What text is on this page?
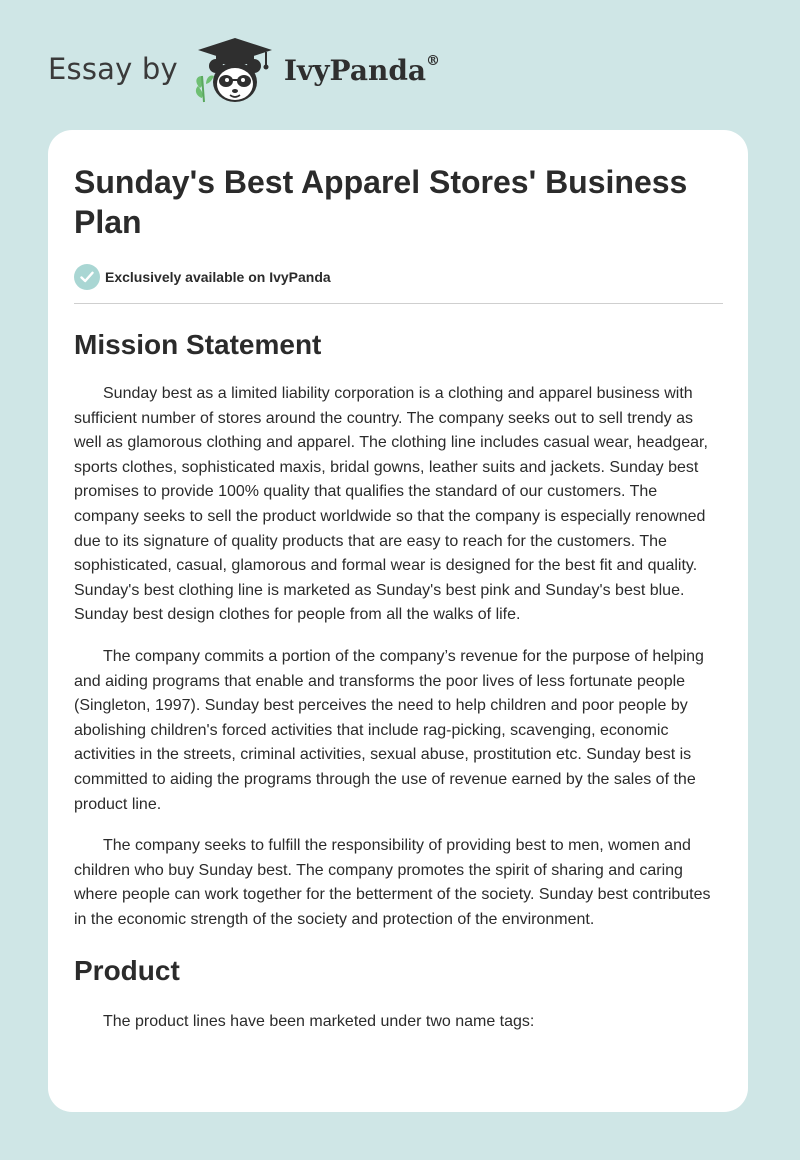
Essay by	IvyPanda®
Sunday's Best Apparel Stores' Business Plan
Exclusively available on IvyPanda
Mission Statement

Sunday best as a limited liability corporation is a clothing and apparel business with sufficient number of stores around the country. The company seeks out to sell trendy as well as glamorous clothing and apparel. The clothing line includes casual wear, headgear, sports clothes, sophisticated maxis, bridal gowns, leather suits and jackets. Sunday best promises to provide 100% quality that qualifies the standard of our customers. The company seeks to sell the product worldwide so that the company is especially renowned due to its signature of quality products that are easy to reach for the customers. The sophisticated, casual, glamorous and formal wear is designed for the best fit and quality. Sunday's best clothing line is marketed as Sunday's best pink and Sunday's best blue. Sunday best design clothes for people from all the walks of life.

The company commits a portion of the company’s revenue for the purpose of helping and aiding programs that enable and transforms the poor lives of less fortunate people (Singleton, 1997). Sunday best perceives the need to help children and poor people by abolishing children's forced activities that include rag-picking, scavenging, economic activities in the streets, criminal activities, sexual abuse, prostitution etc. Sunday best is committed to aiding the programs through the use of revenue earned by the sales of the product line.

The company seeks to fulfill the responsibility of providing best to men, women and children who buy Sunday best. The company promotes the spirit of sharing and caring where people can work together for the betterment of the society. Sunday best contributes in the economic strength of the society and protection of the environment.

Product

The product lines have been marketed under two name tags:
